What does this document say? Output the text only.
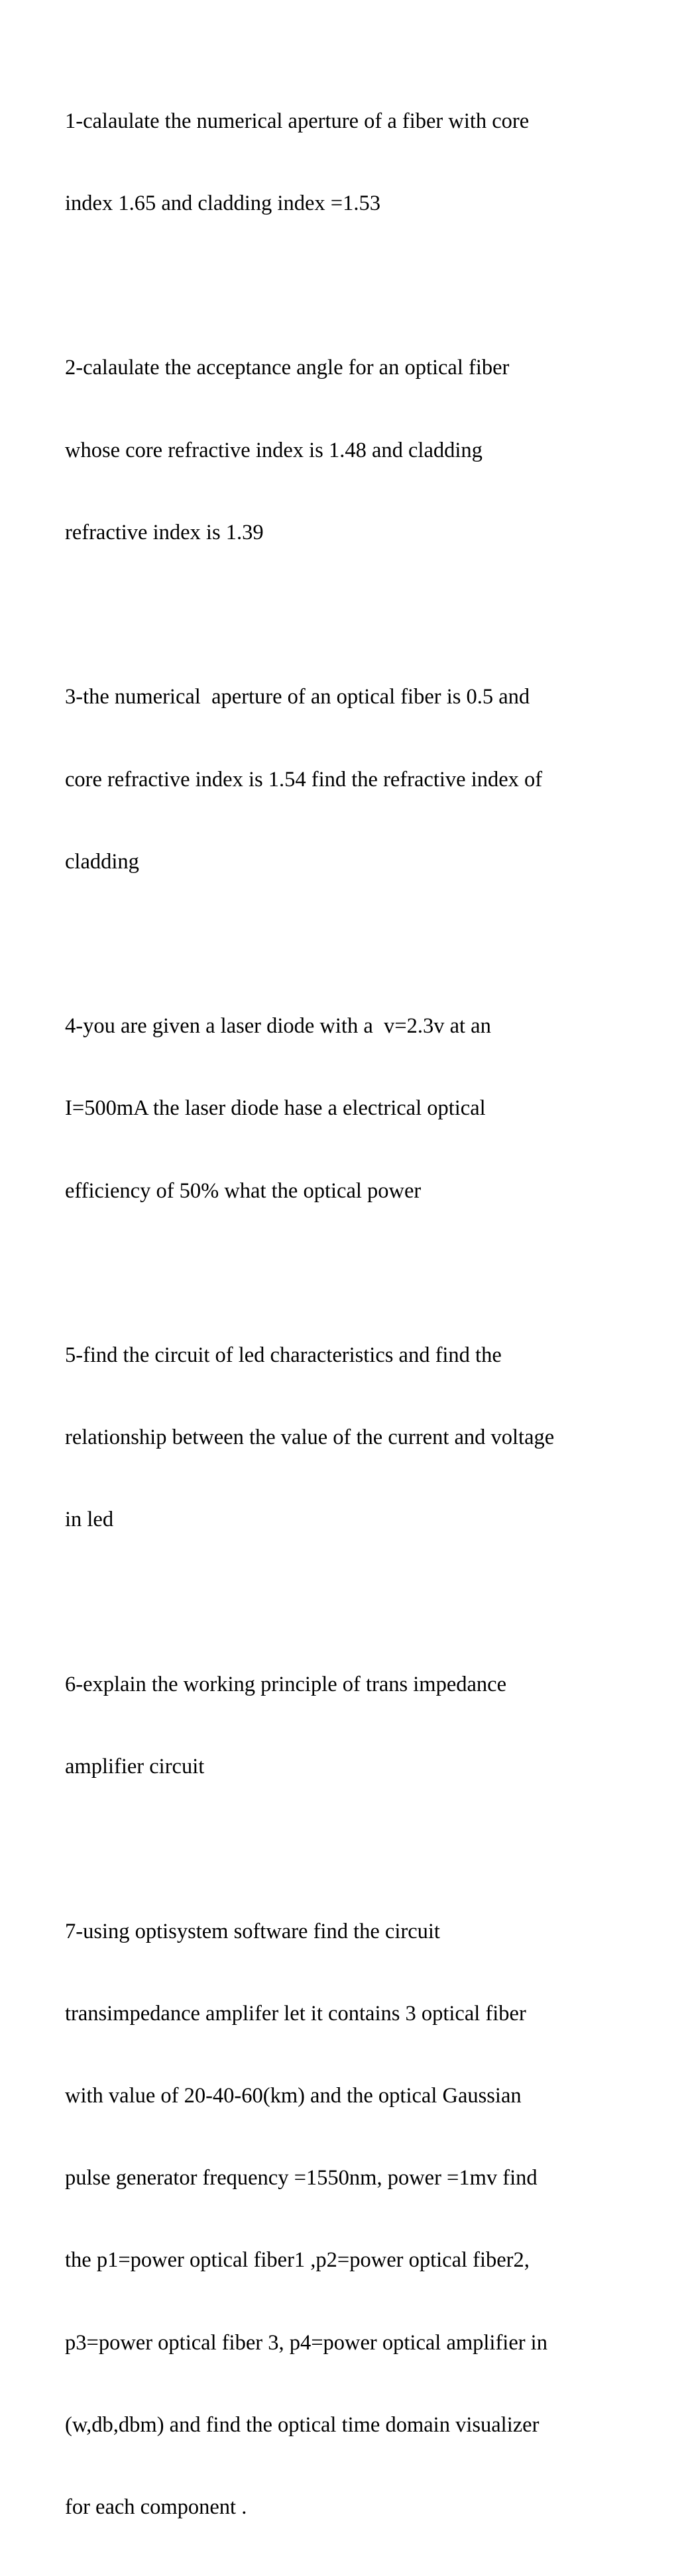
1-calaulate the numerical aperture of a fiber with core

index 1.65 and cladding index =1.53

2-calaulate the acceptance angle for an optical fiber

whose core refractive index is 1.48 and cladding

refractive index is 1.39

3-the numerical  aperture of an optical fiber is 0.5 and

core refractive index is 1.54 find the refractive index of

cladding

4-you are given a laser diode with a  v=2.3v at an

I=500mA the laser diode hase a electrical optical

efficiency of 50% what the optical power

5-find the circuit of led characteristics and find the

relationship between the value of the current and voltage

in led

6-explain the working principle of trans impedance

amplifier circuit

7-using optisystem software find the circuit

transimpedance amplifer let it contains 3 optical fiber

with value of 20-40-60(km) and the optical Gaussian

pulse generator frequency =1550nm, power =1mv find

the p1=power optical fiber1 ,p2=power optical fiber2,

p3=power optical fiber 3, p4=power optical amplifier in

(w,db,dbm) and find the optical time domain visualizer

for each component .
